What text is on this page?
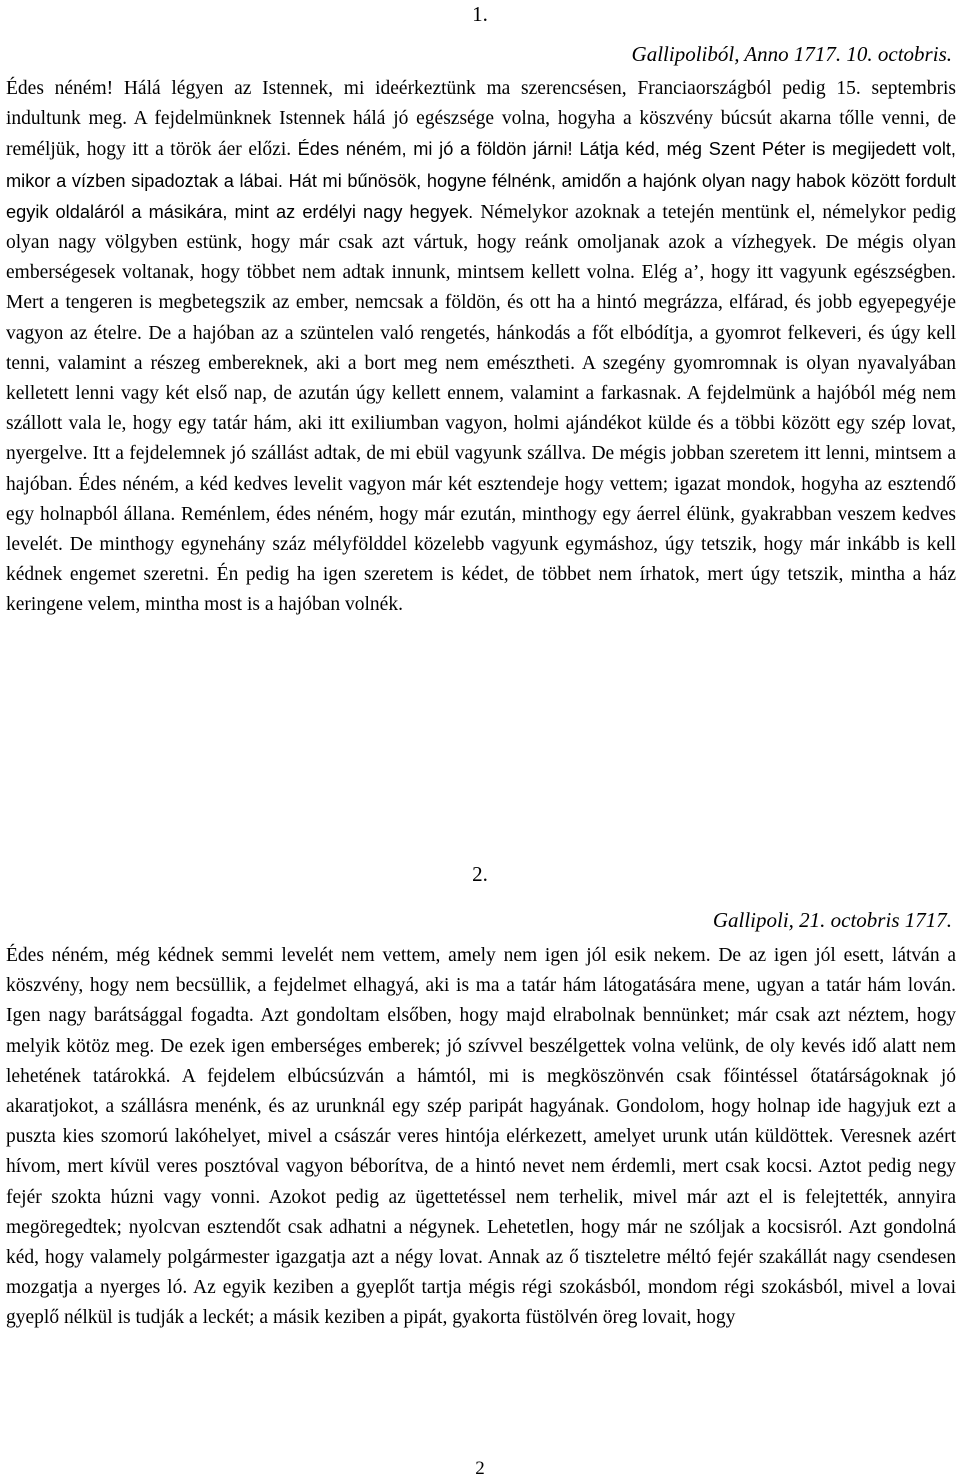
1.

Gallipoliból, Anno 1717. 10. octobris.

Édes néném! Hálá légyen az Istennek, mi ideérkeztünk ma szerencsésen, Franciaországból pedig 15. septembris indultunk meg. A fejdelmünknek Istennek hálá jó egészsége volna, hogyha a köszvény búcsút akarna tőlle venni, de reméljük, hogy itt a török áer előzi. Édes néném, mi jó a földön járni! Látja kéd, még Szent Péter is megijedett volt, mikor a vízben sipadoztak a lábai. Hát mi bűnösök, hogyne félnénk, amidőn a hajónk olyan nagy habok között fordult egyik oldaláról a másikára, mint az erdélyi nagy hegyek. Némelykor azoknak a tetején mentünk el, némelykor pedig olyan nagy völgyben estünk, hogy már csak azt vártuk, hogy reánk omoljanak azok a vízhegyek. De mégis olyan emberségesek voltanak, hogy többet nem adtak innunk, mintsem kellett volna. Elég a’, hogy itt vagyunk egészségben. Mert a tengeren is megbetegszik az ember, nemcsak a földön, és ott ha a hintó megrázza, elfárad, és jobb egyepegyéje vagyon az ételre. De a hajóban az a szüntelen való rengetés, hánkodás a főt elbódítja, a gyomrot felkeveri, és úgy kell tenni, valamint a részeg embereknek, aki a bort meg nem emésztheti. A szegény gyomromnak is olyan nyavalyában kelletett lenni vagy két első nap, de azután úgy kellett ennem, valamint a farkasnak. A fejdelmünk a hajóból még nem szállott vala le, hogy egy tatár hám, aki itt exiliumban vagyon, holmi ajándékot külde és a többi között egy szép lovat, nyergelve. Itt a fejdelemnek jó szállást adtak, de mi ebül vagyunk szállva. De mégis jobban szeretem itt lenni, mintsem a hajóban. Édes néném, a kéd kedves levelit vagyon már két esztendeje hogy vettem; igazat mondok, hogyha az esztendő egy holnapból állana. Reménlem, édes néném, hogy már ezután, minthogy egy áerrel élünk, gyakrabban veszem kedves levelét. De minthogy egynehány száz mélyfölddel közelebb vagyunk egymáshoz, úgy tetszik, hogy már inkább is kell kédnek engemet szeretni. Én pedig ha igen szeretem is kédet, de többet nem írhatok, mert úgy tetszik, mintha a ház keringene velem, mintha most is a hajóban volnék.

2.

Gallipoli, 21. octobris 1717.

Édes néném, még kédnek semmi levelét nem vettem, amely nem igen jól esik nekem. De az igen jól esett, látván a köszvény, hogy nem becsüllik, a fejdelmet elhagyá, aki is ma a tatár hám látogatására mene, ugyan a tatár hám lován. Igen nagy barátsággal fogadta. Azt gondoltam elsőben, hogy majd elrabolnak bennünket; már csak azt néztem, hogy melyik kötöz meg. De ezek igen emberséges emberek; jó szívvel beszélgettek volna velünk, de oly kevés idő alatt nem lehetének tatárokká. A fejdelem elbúcsúzván a hámtól, mi is megköszönvén csak főintéssel őtatárságoknak jó akaratjokot, a szállásra menénk, és az urunknál egy szép paripát hagyának. Gondolom, hogy holnap ide hagyjuk ezt a puszta kies szomorú lakóhelyet, mivel a császár veres hintója elérkezett, amelyet urunk után küldöttek. Veresnek azért hívom, mert kívül veres posztóval vagyon béborítva, de a hintó nevet nem érdemli, mert csak kocsi. Aztot pedig negy fejér szokta húzni vagy vonni. Azokot pedig az ügettetéssel nem terhelik, mivel már azt el is felejtették, annyira megöregedtek; nyolcvan esztendőt csak adhatni a négynek. Lehetetlen, hogy már ne szóljak a kocsisról. Azt gondolná kéd, hogy valamely polgármester igazgatja azt a négy lovat. Annak az ő tiszteletre méltó fejér szakállát nagy csendesen mozgatja a nyerges ló. Az egyik keziben a gyeplőt tartja mégis régi szokásból, mondom régi szokásból, mivel a lovai gyeplő nélkül is tudják a leckét; a másik keziben a pipát, gyakorta füstölvén öreg lovait, hogy

2
